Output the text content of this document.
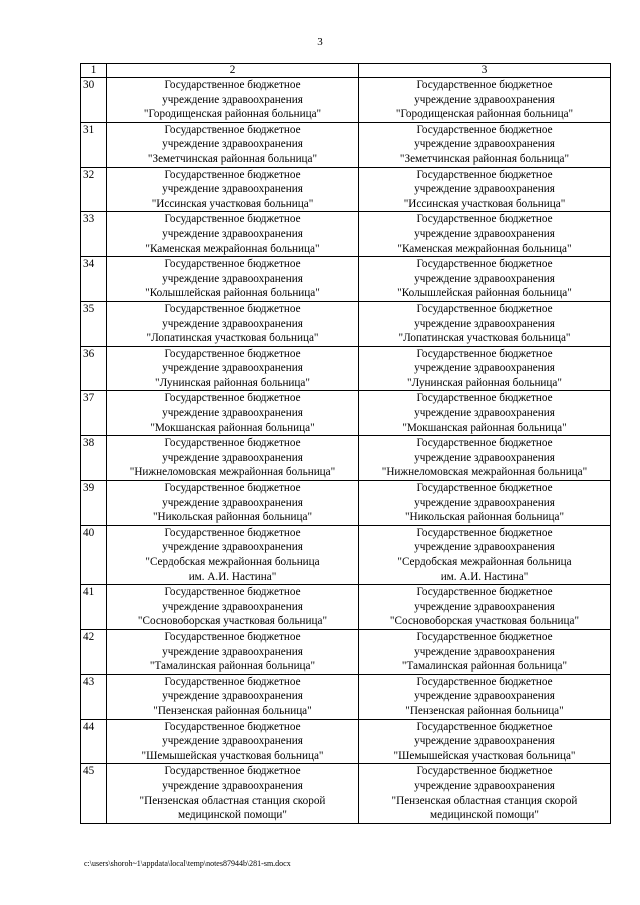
3
1	2	3
30	Государственное бюджетное
учреждение здравоохранения
"Городищенская районная больница"	Государственное бюджетное
учреждение здравоохранения
"Городищенская районная больница"
31	Государственное бюджетное
учреждение здравоохранения
"Земетчинская районная больница"	Государственное бюджетное
учреждение здравоохранения
"Земетчинская районная больница"
32	Государственное бюджетное
учреждение здравоохранения
"Иссинская участковая больница"	Государственное бюджетное
учреждение здравоохранения
"Иссинская участковая больница"
33	Государственное бюджетное
учреждение здравоохранения
"Каменская межрайонная больница"	Государственное бюджетное
учреждение здравоохранения
"Каменская межрайонная больница"
34	Государственное бюджетное
учреждение здравоохранения
"Колышлейская районная больница"	Государственное бюджетное
учреждение здравоохранения
"Колышлейская районная больница"
35	Государственное бюджетное
учреждение здравоохранения
"Лопатинская участковая больница"	Государственное бюджетное
учреждение здравоохранения
"Лопатинская участковая больница"
36	Государственное бюджетное
учреждение здравоохранения
"Лунинская районная больница"	Государственное бюджетное
учреждение здравоохранения
"Лунинская районная больница"
37	Государственное бюджетное
учреждение здравоохранения
"Мокшанская районная больница"	Государственное бюджетное
учреждение здравоохранения
"Мокшанская районная больница"
38	Государственное бюджетное
учреждение здравоохранения
"Нижнеломовская межрайонная больница"	Государственное бюджетное
учреждение здравоохранения
"Нижнеломовская межрайонная больница"
39	Государственное бюджетное
учреждение здравоохранения
"Никольская районная больница"	Государственное бюджетное
учреждение здравоохранения
"Никольская районная больница"
40	Государственное бюджетное
учреждение здравоохранения
"Сердобская межрайонная больница
им. А.И. Настина"	Государственное бюджетное
учреждение здравоохранения
"Сердобская межрайонная больница
им. А.И. Настина"
41	Государственное бюджетное
учреждение здравоохранения
"Сосновоборская участковая больница"	Государственное бюджетное
учреждение здравоохранения
"Сосновоборская участковая больница"
42	Государственное бюджетное
учреждение здравоохранения
"Тамалинская районная больница"	Государственное бюджетное
учреждение здравоохранения
"Тамалинская районная больница"
43	Государственное бюджетное
учреждение здравоохранения
"Пензенская районная больница"	Государственное бюджетное
учреждение здравоохранения
"Пензенская районная больница"
44	Государственное бюджетное
учреждение здравоохранения
"Шемышейская участковая больница"	Государственное бюджетное
учреждение здравоохранения
"Шемышейская участковая больница"
45	Государственное бюджетное
учреждение здравоохранения
"Пензенская областная станция скорой
медицинской помощи"	Государственное бюджетное
учреждение здравоохранения
"Пензенская областная станция скорой
медицинской помощи"
c:\users\shoroh~1\appdata\local\temp\notes87944b\281-sm.docx
